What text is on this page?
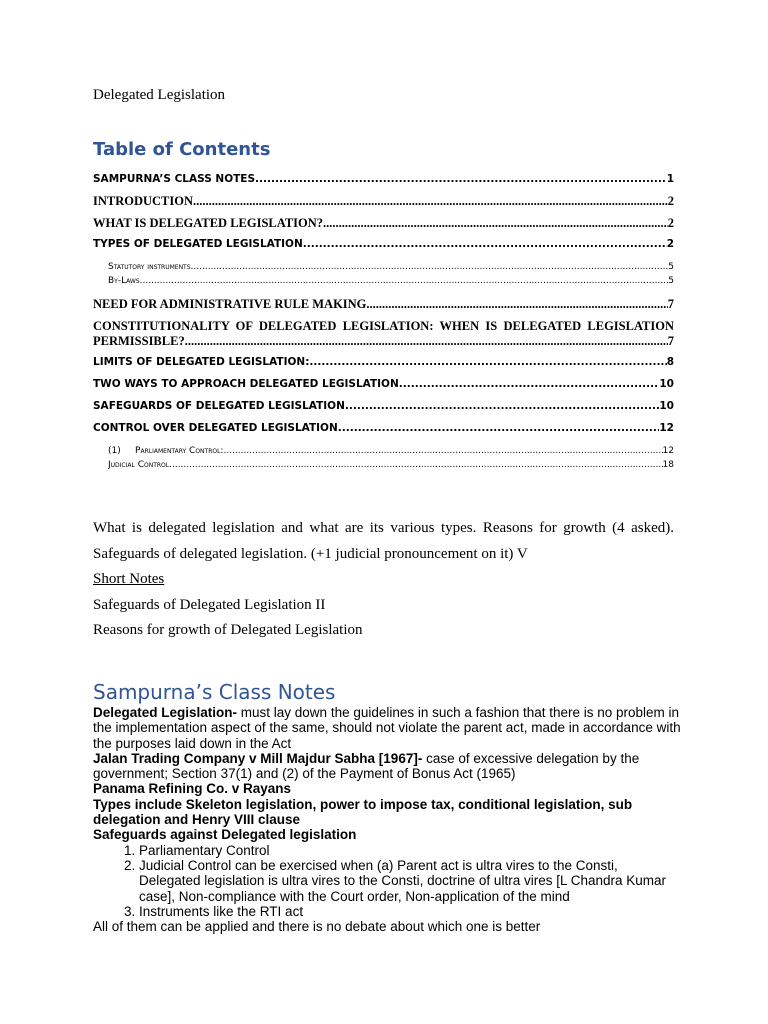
Delegated Legislation
Table of Contents
SAMPURNA’S CLASS NOTES .....	1
INTRODUCTION .....	2
WHAT IS DELEGATED LEGISLATION? .....	2
TYPES OF DELEGATED LEGISLATION .....	2
Statutory instruments .....	5
By-Laws .....	5
NEED FOR ADMINISTRATIVE RULE MAKING .....	7
CONSTITUTIONALITY OF DELEGATED LEGISLATION: WHEN IS DELEGATED LEGISLATION
PERMISSIBLE? .....	7
LIMITS OF DELEGATED LEGISLATION: .....	8
TWO WAYS TO APPROACH DELEGATED LEGISLATION .....	10
SAFEGUARDS OF DELEGATED LEGISLATION .....	10
CONTROL OVER DELEGATED LEGISLATION .....	12
(1)     Parliamentary Control: .....	12
Judicial Control .....	18

What is delegated legislation and what are its various types. Reasons for growth (4 asked).

Safeguards of delegated legislation. (+1 judicial pronouncement on it) V

Short Notes

Safeguards of Delegated Legislation II

Reasons for growth of Delegated Legislation

Sampurna’s Class Notes

Delegated Legislation- must lay down the guidelines in such a fashion that there is no problem in the implementation aspect of the same, should not violate the parent act, made in accordance with the purposes laid down in the Act

Jalan Trading Company v Mill Majdur Sabha [1967]- case of excessive delegation by the government; Section 37(1) and (2) of the Payment of Bonus Act (1965)

Panama Refining Co. v Rayans

Types include Skeleton legislation, power to impose tax, conditional legislation, sub delegation and Henry VIII clause

Safeguards against Delegated legislation

1. Parliamentary Control
2. Judicial Control can be exercised when (a) Parent act is ultra vires to the Consti, Delegated legislation is ultra vires to the Consti, doctrine of ultra vires [L Chandra Kumar case], Non-compliance with the Court order, Non-application of the mind
3. Instruments like the RTI act

All of them can be applied and there is no debate about which one is better
